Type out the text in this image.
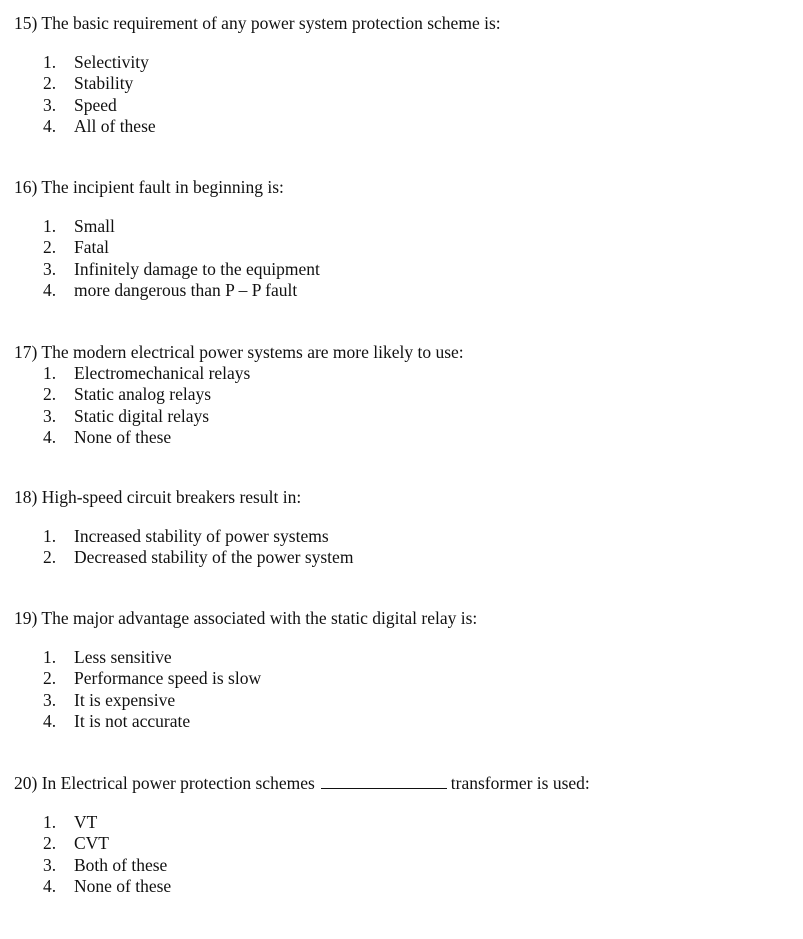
15) The basic requirement of any power system protection scheme is:
1. Selectivity
2. Stability
3. Speed
4. All of these
16) The incipient fault in beginning is:
1. Small
2. Fatal
3. Infinitely damage to the equipment
4. more dangerous than P – P fault
17) The modern electrical power systems are more likely to use:
1. Electromechanical relays
2. Static analog relays
3. Static digital relays
4. None of these
18) High-speed circuit breakers result in:
1. Increased stability of power systems
2. Decreased stability of the power system
19) The major advantage associated with the static digital relay is:
1. Less sensitive
2. Performance speed is slow
3. It is expensive
4. It is not accurate
20) In Electrical power protection schemes	transformer is used:
1. VT
2. CVT
3. Both of these
4. None of these
